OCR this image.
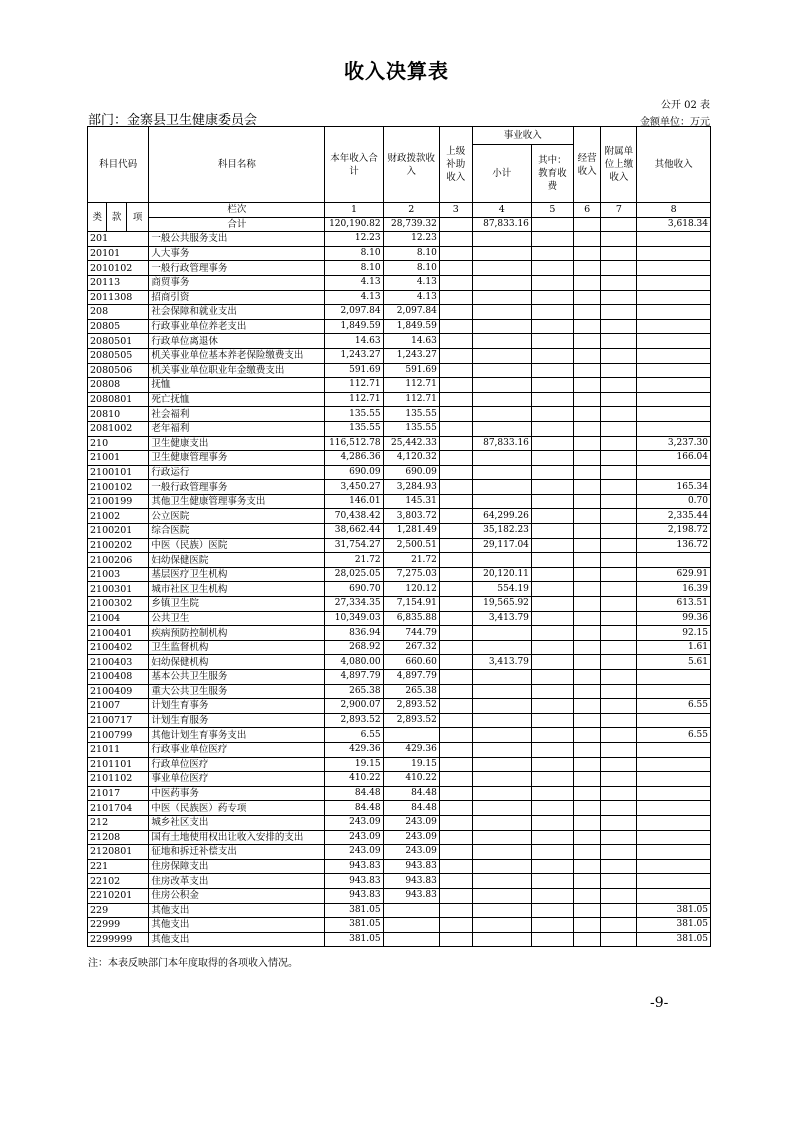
收入决算表
公开 02 表
部门：金寨县卫生健康委员会	金额单位：万元
科目代码			科目名称	本年收入合计	财政拨款收入	上级补助收入	事业收入		经营收入	附属单位上缴收入	其他收入
							小计	其中：教育收费			
类	款	项	栏次	1	2	3	4	5	6	7	8
			合计	120,190.82	28,739.32		87,833.16				3,618.34
201			一般公共服务支出	12.23	12.23						
20101			人大事务	8.10	8.10						
2010102			一般行政管理事务	8.10	8.10						
20113			商贸事务	4.13	4.13						
2011308			招商引资	4.13	4.13						
208			社会保障和就业支出	2,097.84	2,097.84						
20805			行政事业单位养老支出	1,849.59	1,849.59						
2080501			行政单位离退休	14.63	14.63						
2080505			机关事业单位基本养老保险缴费支出	1,243.27	1,243.27						
2080506			机关事业单位职业年金缴费支出	591.69	591.69						
20808			抚恤	112.71	112.71						
2080801			死亡抚恤	112.71	112.71						
20810			社会福利	135.55	135.55						
2081002			老年福利	135.55	135.55						
210			卫生健康支出	116,512.78	25,442.33		87,833.16				3,237.30
21001			卫生健康管理事务	4,286.36	4,120.32						166.04
2100101			行政运行	690.09	690.09						
2100102			一般行政管理事务	3,450.27	3,284.93						165.34
2100199			其他卫生健康管理事务支出	146.01	145.31						0.70
21002			公立医院	70,438.42	3,803.72		64,299.26				2,335.44
2100201			综合医院	38,662.44	1,281.49		35,182.23				2,198.72
2100202			中医（民族）医院	31,754.27	2,500.51		29,117.04				136.72
2100206			妇幼保健医院	21.72	21.72						
21003			基层医疗卫生机构	28,025.05	7,275.03		20,120.11				629.91
2100301			城市社区卫生机构	690.70	120.12		554.19				16.39
2100302			乡镇卫生院	27,334.35	7,154.91		19,565.92				613.51
21004			公共卫生	10,349.03	6,835.88		3,413.79				99.36
2100401			疾病预防控制机构	836.94	744.79						92.15
2100402			卫生监督机构	268.92	267.32						1.61
2100403			妇幼保健机构	4,080.00	660.60		3,413.79				5.61
2100408			基本公共卫生服务	4,897.79	4,897.79						
2100409			重大公共卫生服务	265.38	265.38						
21007			计划生育事务	2,900.07	2,893.52						6.55
2100717			计划生育服务	2,893.52	2,893.52						
2100799			其他计划生育事务支出	6.55							6.55
21011			行政事业单位医疗	429.36	429.36						
2101101			行政单位医疗	19.15	19.15						
2101102			事业单位医疗	410.22	410.22						
21017			中医药事务	84.48	84.48						
2101704			中医（民族医）药专项	84.48	84.48						
212			城乡社区支出	243.09	243.09						
21208			国有土地使用权出让收入安排的支出	243.09	243.09						
2120801			征地和拆迁补偿支出	243.09	243.09						
221			住房保障支出	943.83	943.83						
22102			住房改革支出	943.83	943.83						
2210201			住房公积金	943.83	943.83						
229			其他支出	381.05							381.05
22999			其他支出	381.05							381.05
2299999			其他支出	381.05							381.05
注：本表反映部门本年度取得的各项收入情况。
-9-
